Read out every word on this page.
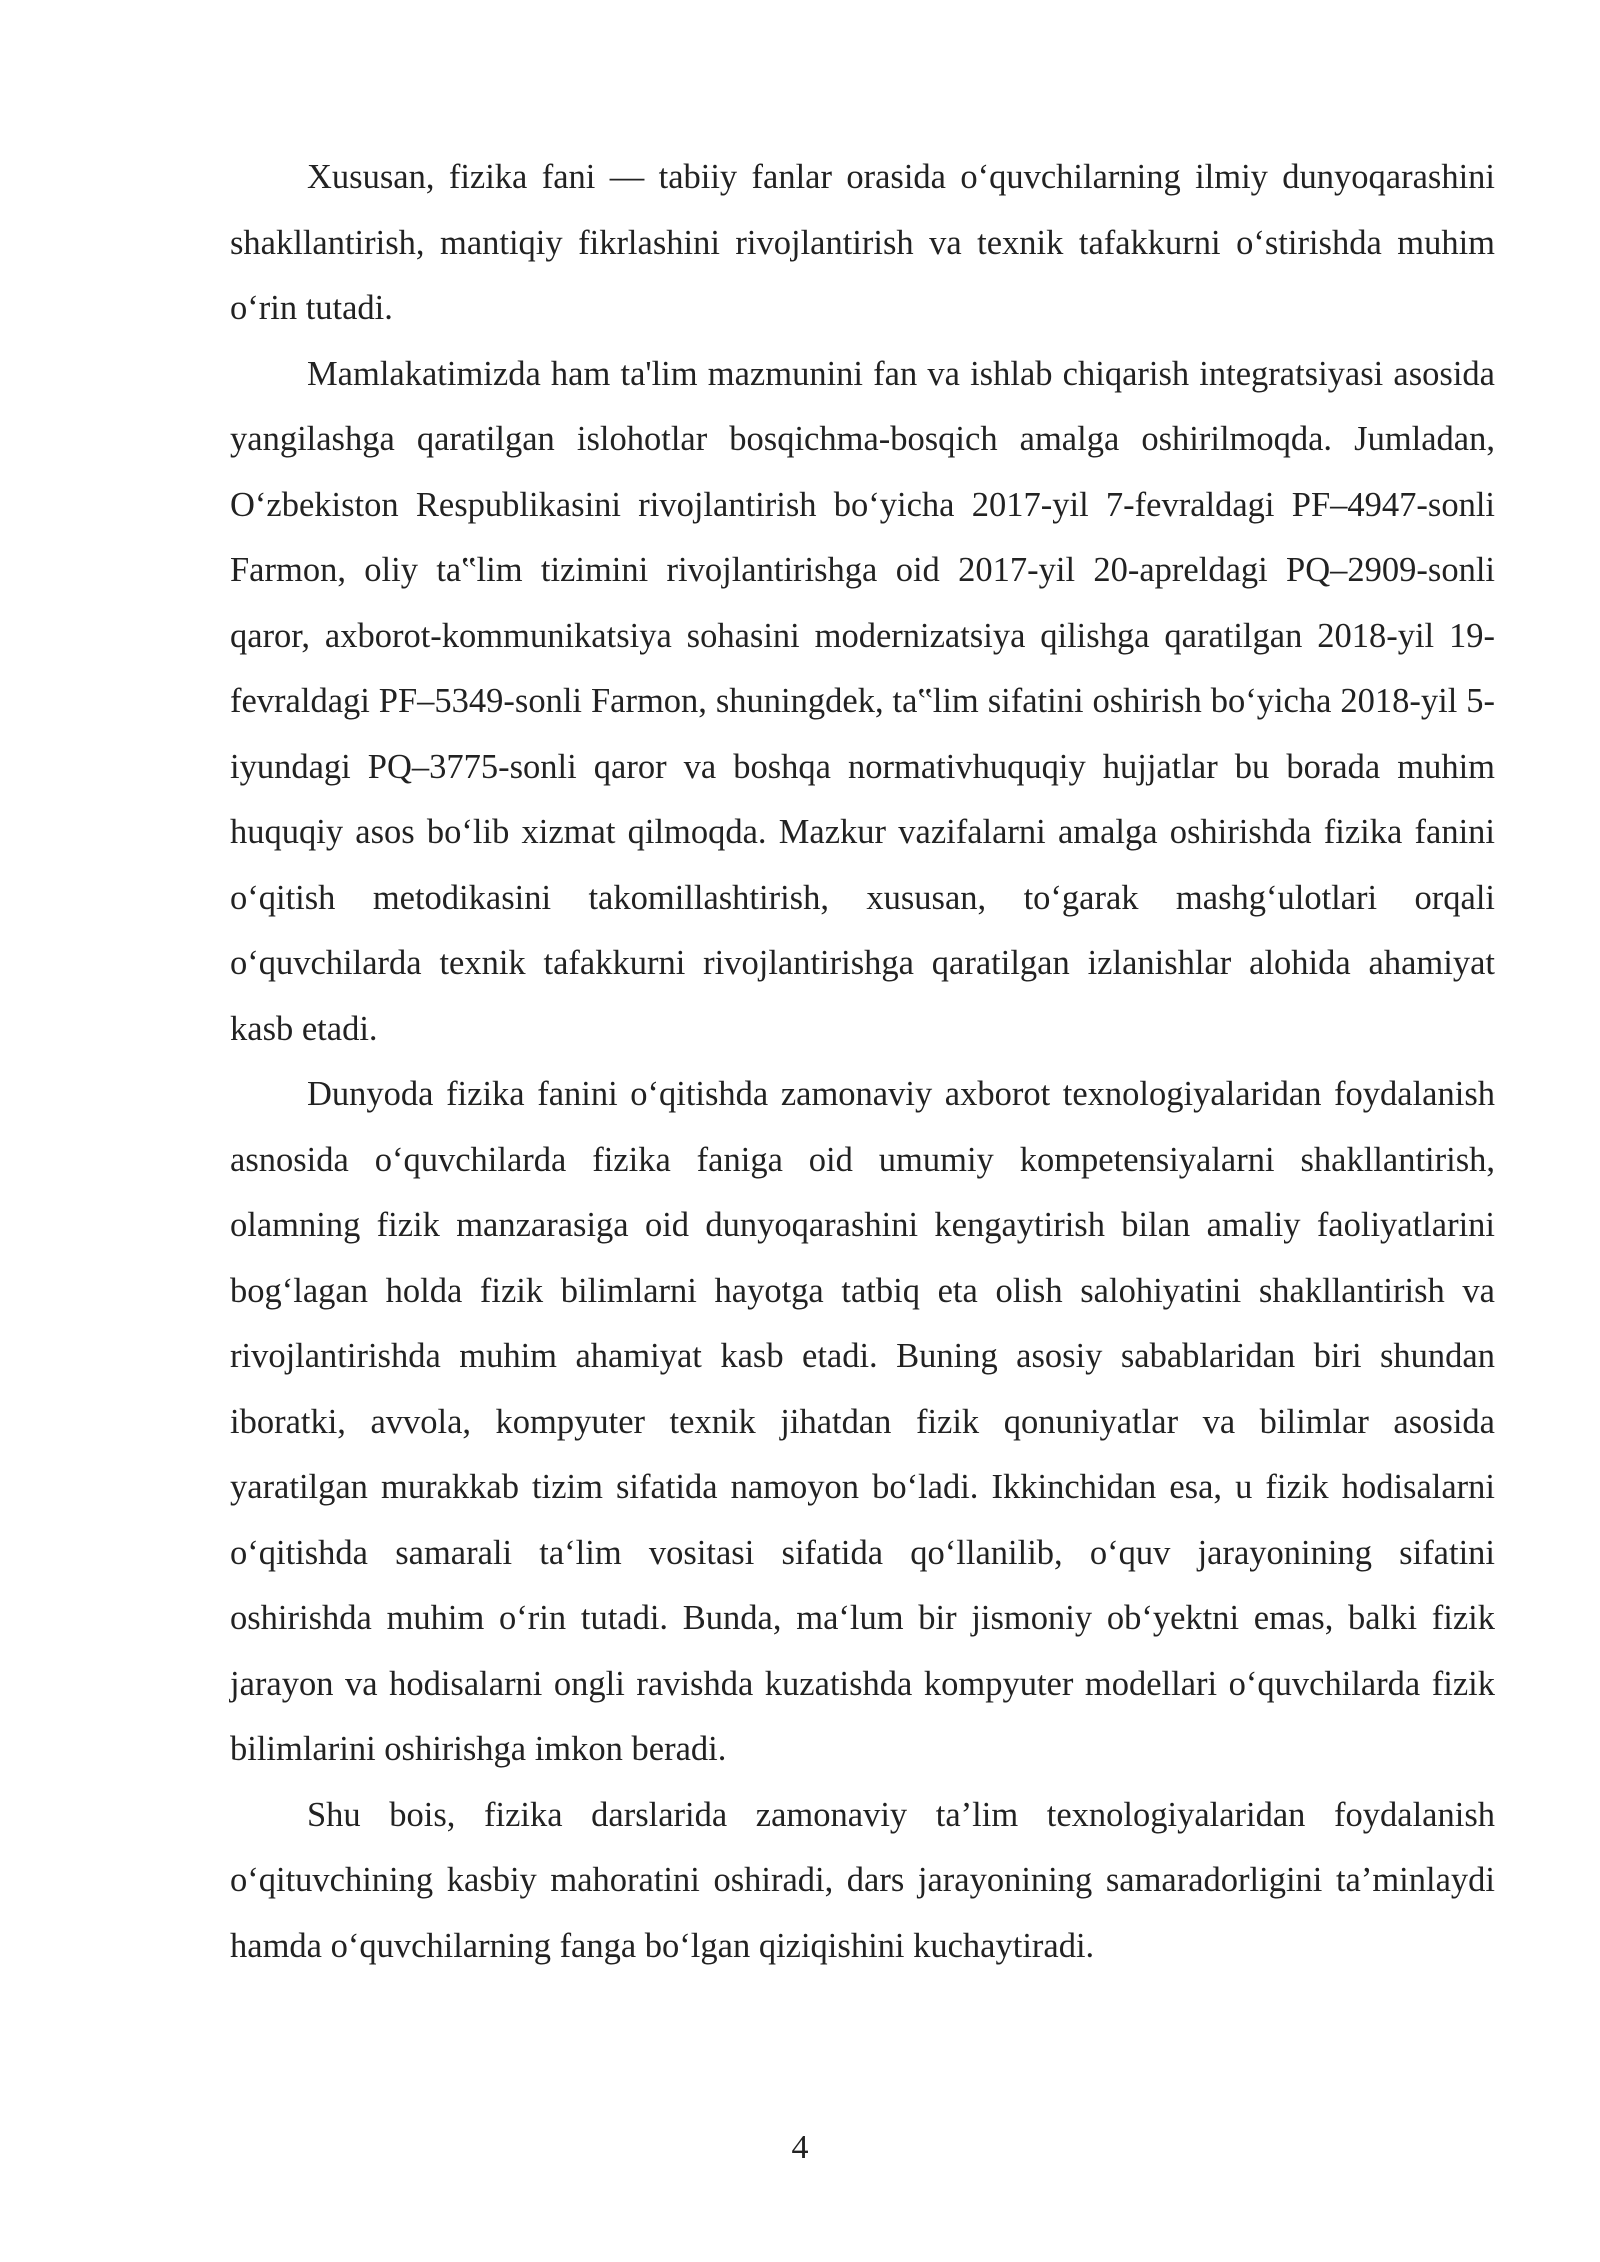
Xususan, fizika fani — tabiiy fanlar orasida o‘quvchilarning ilmiy dunyoqarashini shakllantirish, mantiqiy fikrlashini rivojlantirish va texnik tafakkurni o‘stirishda muhim o‘rin tutadi.

Mamlakatimizda ham ta'lim mazmunini fan va ishlab chiqarish integratsiyasi asosida yangilashga qaratilgan islohotlar bosqichma-bosqich amalga oshirilmoqda. Jumladan, O‘zbekiston Respublikasini rivojlantirish bo‘yicha 2017-yil 7-fevraldagi PF–4947-sonli Farmon, oliy ta‟lim tizimini rivojlantirishga oid 2017-yil 20-apreldagi PQ–2909-sonli qaror, axborot-kommunikatsiya sohasini modernizatsiya qilishga qaratilgan 2018-yil 19-fevraldagi PF–5349-sonli Farmon, shuningdek, ta‟lim sifatini oshirish bo‘yicha 2018-yil 5-iyundagi PQ–3775-sonli qaror va boshqa normativhuquqiy hujjatlar bu borada muhim huquqiy asos bo‘lib xizmat qilmoqda. Mazkur vazifalarni amalga oshirishda fizika fanini o‘qitish metodikasini takomillashtirish, xususan, to‘garak mashg‘ulotlari orqali o‘quvchilarda texnik tafakkurni rivojlantirishga qaratilgan izlanishlar alohida ahamiyat kasb etadi.

Dunyoda fizika fanini o‘qitishda zamonaviy axborot texnologiyalaridan foydalanish asnosida o‘quvchilarda fizika faniga oid umumiy kompetensiyalarni shakllantirish, olamning fizik manzarasiga oid dunyoqarashini kengaytirish bilan amaliy faoliyatlarini bog‘lagan holda fizik bilimlarni hayotga tatbiq eta olish salohiyatini shakllantirish va rivojlantirishda muhim ahamiyat kasb etadi. Buning asosiy sabablaridan biri shundan iboratki, avvola, kompyuter texnik jihatdan fizik qonuniyatlar va bilimlar asosida yaratilgan murakkab tizim sifatida namoyon bo‘ladi. Ikkinchidan esa, u fizik hodisalarni o‘qitishda samarali ta‘lim vositasi sifatida qo‘llanilib, o‘quv jarayonining sifatini oshirishda muhim o‘rin tutadi. Bunda, ma‘lum bir jismoniy ob‘yektni emas, balki fizik jarayon va hodisalarni ongli ravishda kuzatishda kompyuter modellari o‘quvchilarda fizik bilimlarini oshirishga imkon beradi.

Shu bois, fizika darslarida zamonaviy ta’lim texnologiyalaridan foydalanish o‘qituvchining kasbiy mahoratini oshiradi, dars jarayonining samaradorligini ta’minlaydi hamda o‘quvchilarning fanga bo‘lgan qiziqishini kuchaytiradi.

4
